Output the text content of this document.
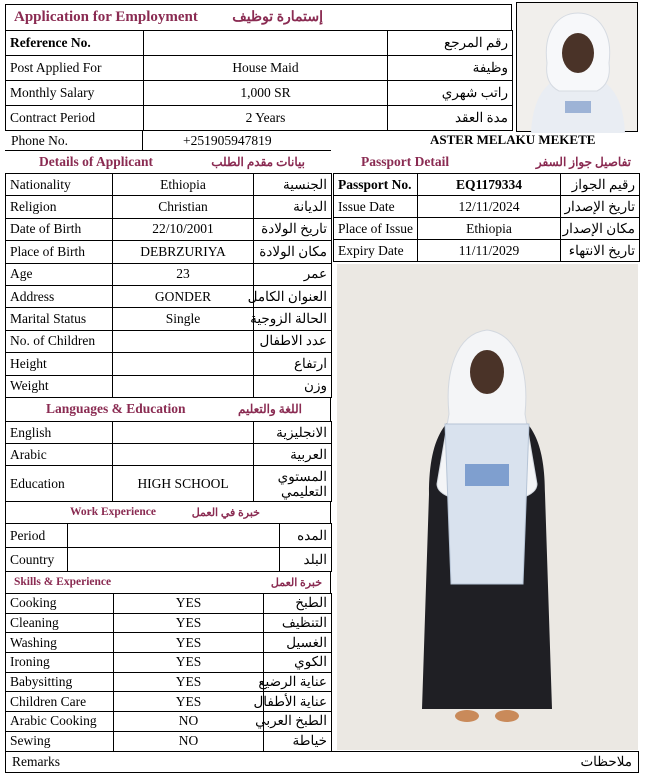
Application for Employment إستمارة توظيف
Reference No.		رقم المرجع
Post Applied For	House Maid	وظيفة
Monthly Salary	1,000 SR	راتب شهري
Contract Period	2 Years	مدة العقد
Phone No.	+251905947819	ASTER MELAKU MEKETE
Details of Applicant	بيانات مقدم الطلب
Nationality	Ethiopia	الجنسية
Religion	Christian	الديانة
Date of Birth	22/10/2001	تاريخ الولادة
Place of Birth	DEBRZURIYA	مكان الولادة
Age	23	عمر
Address	GONDER	العنوان الكامل
Marital Status	Single	الحالة الزوجية
No. of Children		عدد الاطفال
Height		ارتفاع
Weight		وزن
Passport Detail	تفاصيل جواز السفر
Passport No.	EQ1179334	رقيم الجواز
Issue Date	12/11/2024	تاريخ الإصدار
Place of Issue	Ethiopia	مكان الإصدار
Expiry Date	11/11/2029	تاريخ الانتهاء
Languages & Education	اللغة والتعليم
English		الانجليزية
Arabic		العربية
Education	HIGH SCHOOL	المستوي
التعليمي
Work Experience	خبرة في العمل
Period		المده
Country		البلد
Skills & Experience	خبرة العمل
Cooking	YES	الطبخ
Cleaning	YES	التنظيف
Washing	YES	الغسيل
Ironing	YES	الكوي
Babysitting	YES	عناية الرضيع
Children Care	YES	عناية الأطفال
Arabic Cooking	NO	الطبخ العربي
Sewing	NO	خياطة
Remarks	ملاحظات
